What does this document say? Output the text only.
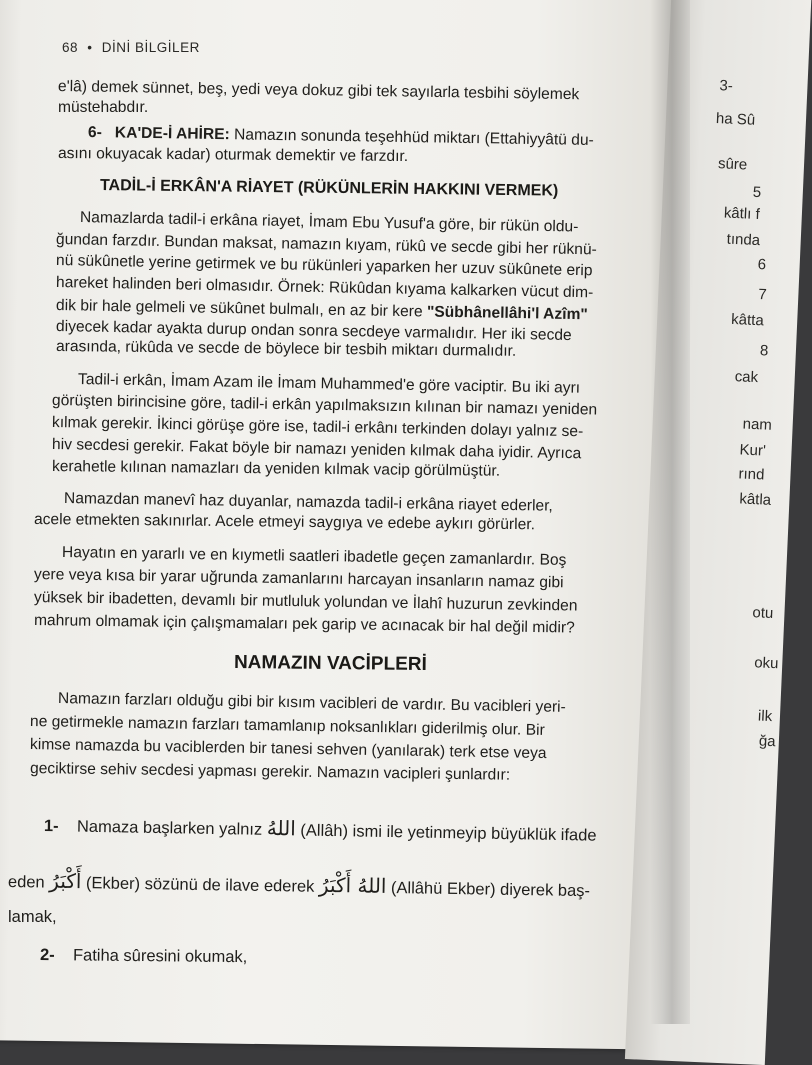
3-
ha Sû
sûre
5
kâtlı f
tında
6
7
kâtta
8
cak
nam
Kur'
rınd
kâtla
otu
oku
ilk
ğa
68 • DİNİ BİLGİLER
e'lâ) demek sünnet, beş, yedi veya dokuz gibi tek sayılarla tesbihi söylemek
müstehabdır.
6- KA'DE-İ AHİRE: Namazın sonunda teşehhüd miktarı (Ettahiyyâtü du-
asını okuyacak kadar) oturmak demektir ve farzdır.
TADİL-İ ERKÂN'A RİAYET (RÜKÜNLERİN HAKKINI VERMEK)
Namazlarda tadil-i erkâna riayet, İmam Ebu Yusuf'a göre, bir rükün oldu-
ğundan farzdır. Bundan maksat, namazın kıyam, rükû ve secde gibi her rüknü-
nü sükûnetle yerine getirmek ve bu rükünleri yaparken her uzuv sükûnete erip
hareket halinden beri olmasıdır. Örnek: Rükûdan kıyama kalkarken vücut dim-
dik bir hale gelmeli ve sükûnet bulmalı, en az bir kere "Sübhânellâhi'l Azîm"
diyecek kadar ayakta durup ondan sonra secdeye varmalıdır. Her iki secde
arasında, rükûda ve secde de böylece bir tesbih miktarı durmalıdır.
Tadil-i erkân, İmam Azam ile İmam Muhammed'e göre vaciptir. Bu iki ayrı
görüşten birincisine göre, tadil-i erkân yapılmaksızın kılınan bir namazı yeniden
kılmak gerekir. İkinci görüşe göre ise, tadil-i erkânı terkinden dolayı yalnız se-
hiv secdesi gerekir. Fakat böyle bir namazı yeniden kılmak daha iyidir. Ayrıca
kerahetle kılınan namazları da yeniden kılmak vacip görülmüştür.
Namazdan manevî haz duyanlar, namazda tadil-i erkâna riayet ederler,
acele etmekten sakınırlar. Acele etmeyi saygıya ve edebe aykırı görürler.
Hayatın en yararlı ve en kıymetli saatleri ibadetle geçen zamanlardır. Boş
yere veya kısa bir yarar uğrunda zamanlarını harcayan insanların namaz gibi
yüksek bir ibadetten, devamlı bir mutluluk yolundan ve İlahî huzurun zevkinden
mahrum olmamak için çalışmamaları pek garip ve acınacak bir hal değil midir?
NAMAZIN VACİPLERİ
Namazın farzları olduğu gibi bir kısım vacibleri de vardır. Bu vacibleri yeri-
ne getirmekle namazın farzları tamamlanıp noksanlıkları giderilmiş olur. Bir
kimse namazda bu vaciblerden bir tanesi sehven (yanılarak) terk etse veya
geciktirse sehiv secdesi yapması gerekir. Namazın vacipleri şunlardır:
1- Namaza başlarken yalnız اللهُ (Allâh) ismi ile yetinmeyip büyüklük ifade
eden أَكْبَرُ (Ekber) sözünü de ilave ederek اللهُ أَكْبَرُ (Allâhü Ekber) diyerek baş-
lamak,
2- Fatiha sûresini okumak,
